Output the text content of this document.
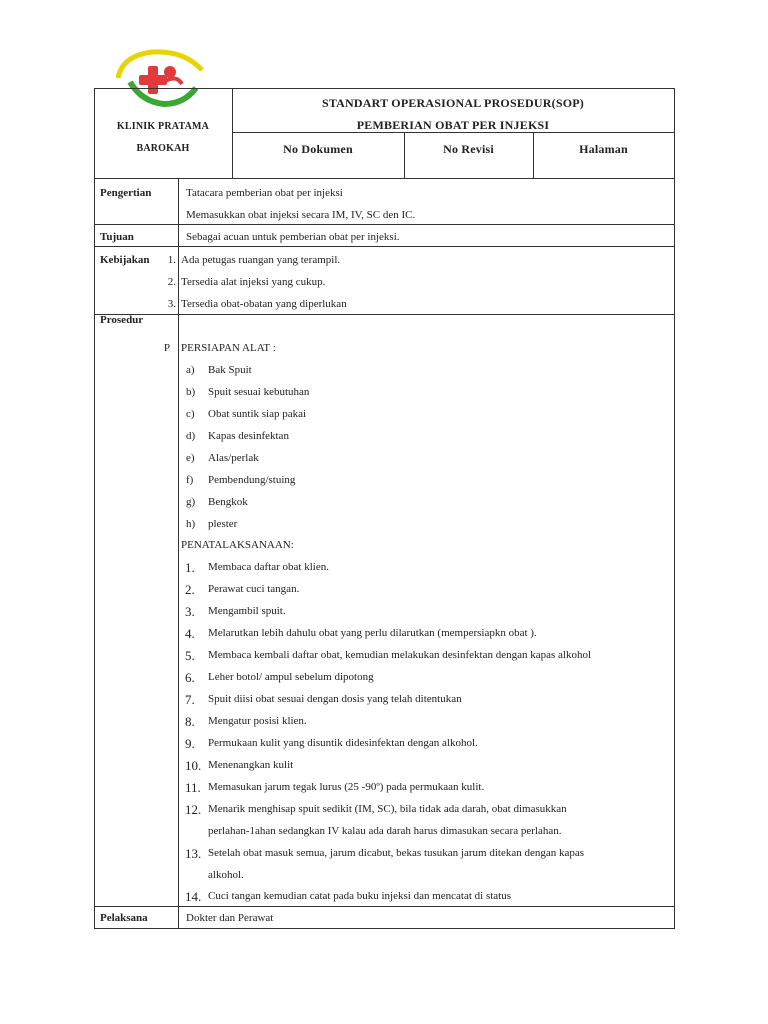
KLINIK PRATAMA
BAROKAH
STANDART OPERASIONAL PROSEDUR(SOP)
PEMBERIAN OBAT PER INJEKSI
No Dokumen	No Revisi	Halaman
Pengertian	Tatacara pemberian obat per injeksi
Memasukkan obat injeksi secara IM, IV, SC den IC.
Tujuan	Sebagai acuan untuk pemberian obat per injeksi.
Kebijakan	1. Ada petugas ruangan yang terampil.
2. Tersedia alat injeksi yang cukup.
3. Tersedia obat-obatan yang diperlukan
Prosedur
P PERSIAPAN ALAT :
a) Bak Spuit
b) Spuit sesuai kebutuhan
c) Obat suntik siap pakai
d) Kapas desinfektan
e) Alas/perlak
f) Pembendung/stuing
g) Bengkok
h) plester
PENATALAKSANAAN:
1. Membaca daftar obat klien.
2. Perawat cuci tangan.
3. Mengambil spuit.
4. Melarutkan lebih dahulu obat yang perlu dilarutkan (mempersiapkn obat ).
5. Membaca kembali daftar obat, kemudian melakukan desinfektan dengan kapas alkohol
6. Leher botol/ ampul sebelum dipotong
7. Spuit diisi obat sesuai dengan dosis yang telah ditentukan
8. Mengatur posisi klien.
9. Permukaan kulit yang disuntik didesinfektan dengan alkohol.
10. Menenangkan kulit
11. Memasukan jarum tegak lurus (25 -90º) pada permukaan kulit.
12. Menarik menghisap spuit sedikit (IM, SC), bila tidak ada darah, obat dimasukkan
perlahan-1ahan sedangkan IV kalau ada darah harus dimasukan secara perlahan.
13. Setelah obat masuk semua, jarum dicabut, bekas tusukan jarum ditekan dengan kapas
alkohol.
14. Cuci tangan kemudian catat pada buku injeksi dan mencatat di status
Pelaksana	Dokter dan Perawat
